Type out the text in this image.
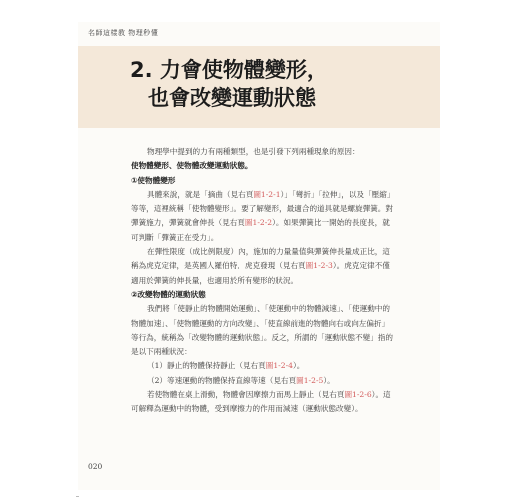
名師這樣教 物理秒懂
2. 力會使物體變形，
也會改變運動狀態

物理學中提到的力有兩種類型，也是引發下列兩種現象的原因：

使物體變形、使物體改變運動狀態。

①使物體變形

具體來說，就是「摘曲（見右頁圖1-2-1）」「彎折」「拉伸」，以及「壓縮」等等，這裡統稱「使物體變形」。要了解變形，最適合的道具就是螺旋彈簧。對彈簧施力，彈簧就會伸長（見右頁圖1-2-2）。如果彈簧比一開始的長度長，就可判斷「彈簧正在受力」。

在彈性限度（成比例限度）內，施加的力量量值與彈簧伸長量成正比，這稱為虎克定律，是英國人羅伯特．虎克發現（見右頁圖1-2-3）。虎克定律不僅適用於彈簧的伸長量，也適用於所有變形的狀況。

②改變物體的運動狀態

我們將「使靜止的物體開始運動」、「使運動中的物體減速」、「使運動中的物體加速」、「使物體運動的方向改變」、「使直線前進的物體向右或向左偏折」等行為，統稱為「改變物體的運動狀態」。反之，所謂的「運動狀態不變」指的是以下兩種狀況：

（1）靜止的物體保持靜止（見右頁圖1-2-4）。

（2）等速運動的物體保持直線等速（見右頁圖1-2-5）。

若使物體在桌上滑動，物體會因摩擦力而馬上靜止（見右頁圖1-2-6）。這可解釋為運動中的物體，受到摩擦力的作用而減速（運動狀態改變）。

020
